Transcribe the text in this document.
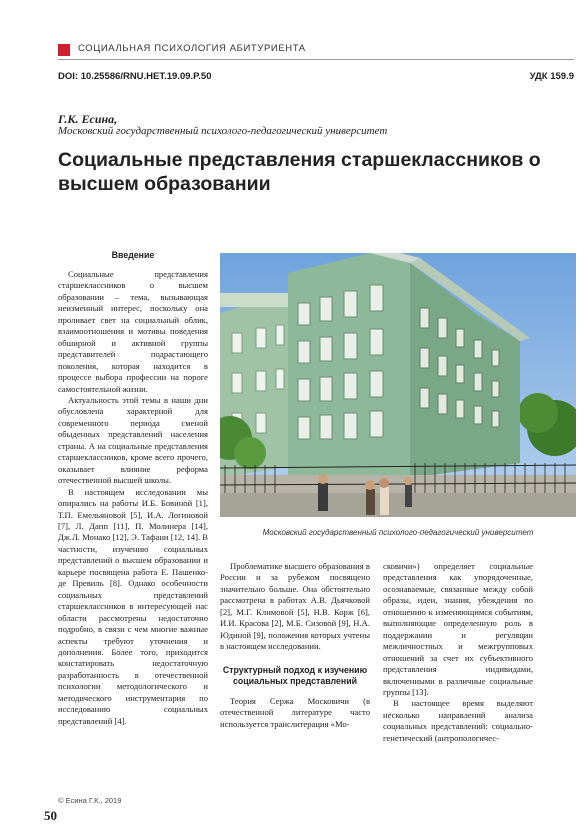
СОЦИАЛЬНАЯ ПСИХОЛОГИЯ АБИТУРИЕНТА
DOI: 10.25586/RNU.HET.19.09.P.50	УДК 159.9
Г.К. Есина,
Московский государственный психолого-педагогический университет
Социальные представления старшеклассников о высшем образовании
Введение

Социальные представления старшеклассников о высшем образовании – тема, вызывающая неизменный интерес, поскольку она проливает свет на социальный облик, взаимоотношения и мотивы поведения обширной и активной группы представителей подрастающего поколения, которая находится в процессе выбора профессии на пороге самостоятельной жизни.

Актуальность этой темы в наши дни обусловлена характерной для современного периода сменой обыденных представлений населения страны. А на социальные представления старшеклассников, кроме всего прочего, оказывает влияние реформа отечественной высшей школы.

В настоящем исследовании мы опирались на работы И.Б. Бовиной [1], Т.П. Емельяновой [5], И.А. Логиновой [7], Л. Дапп [11], П. Молинера [14], Дж.Л. Монако [12], Э. Тафани [12, 14]. В частности, изучению социальных представлений о высшем образовании и карьере посвящена работа Е. Пашенко-де Превиль [8]. Однако особенности социальных представлений старшеклассников в интересующей нас области рассмотрены недостаточно подробно, в связи с чем многие важные аспекты требуют уточнения и дополнения. Более того, приходится констатировать недостаточную разработанность в отечественной психологии методологического и методического инструментария по исследованию социальных представлений [4].

Московский государственный психолого-педагогический университет

Проблематике высшего образования в России и за рубежом посвящено значительно больше. Она обстоятельно рассмотрена в работах А.В. Дьячковой [2], М.Г. Климовой [5], Н.В. Корж [6], И.И. Красова [2], М.Б. Сизовой [9], Н.А. Юдиной [9], положения которых учтены в настоящем исследовании.

Структурный подход к изучению социальных представлений

Теория Сержа Московичи (в отечественной литературе часто используется транслитерация «Мо-

сковичи») определяет социальные представления как упорядоченные, осознаваемые, связанные между собой образы, идеи, знания, убеждения по отношению к изменяющимся событиям, выполняющие определенную роль в поддержании и регуляции межличностных и межгрупповых отношений за счет их субъективного представления индивидами, включенными в различные социальные группы [13].

В настоящее время выделяют несколько направлений анализа социальных представлений: социально-генетический (антропологичес-

© Есина Г.К., 2019
50
